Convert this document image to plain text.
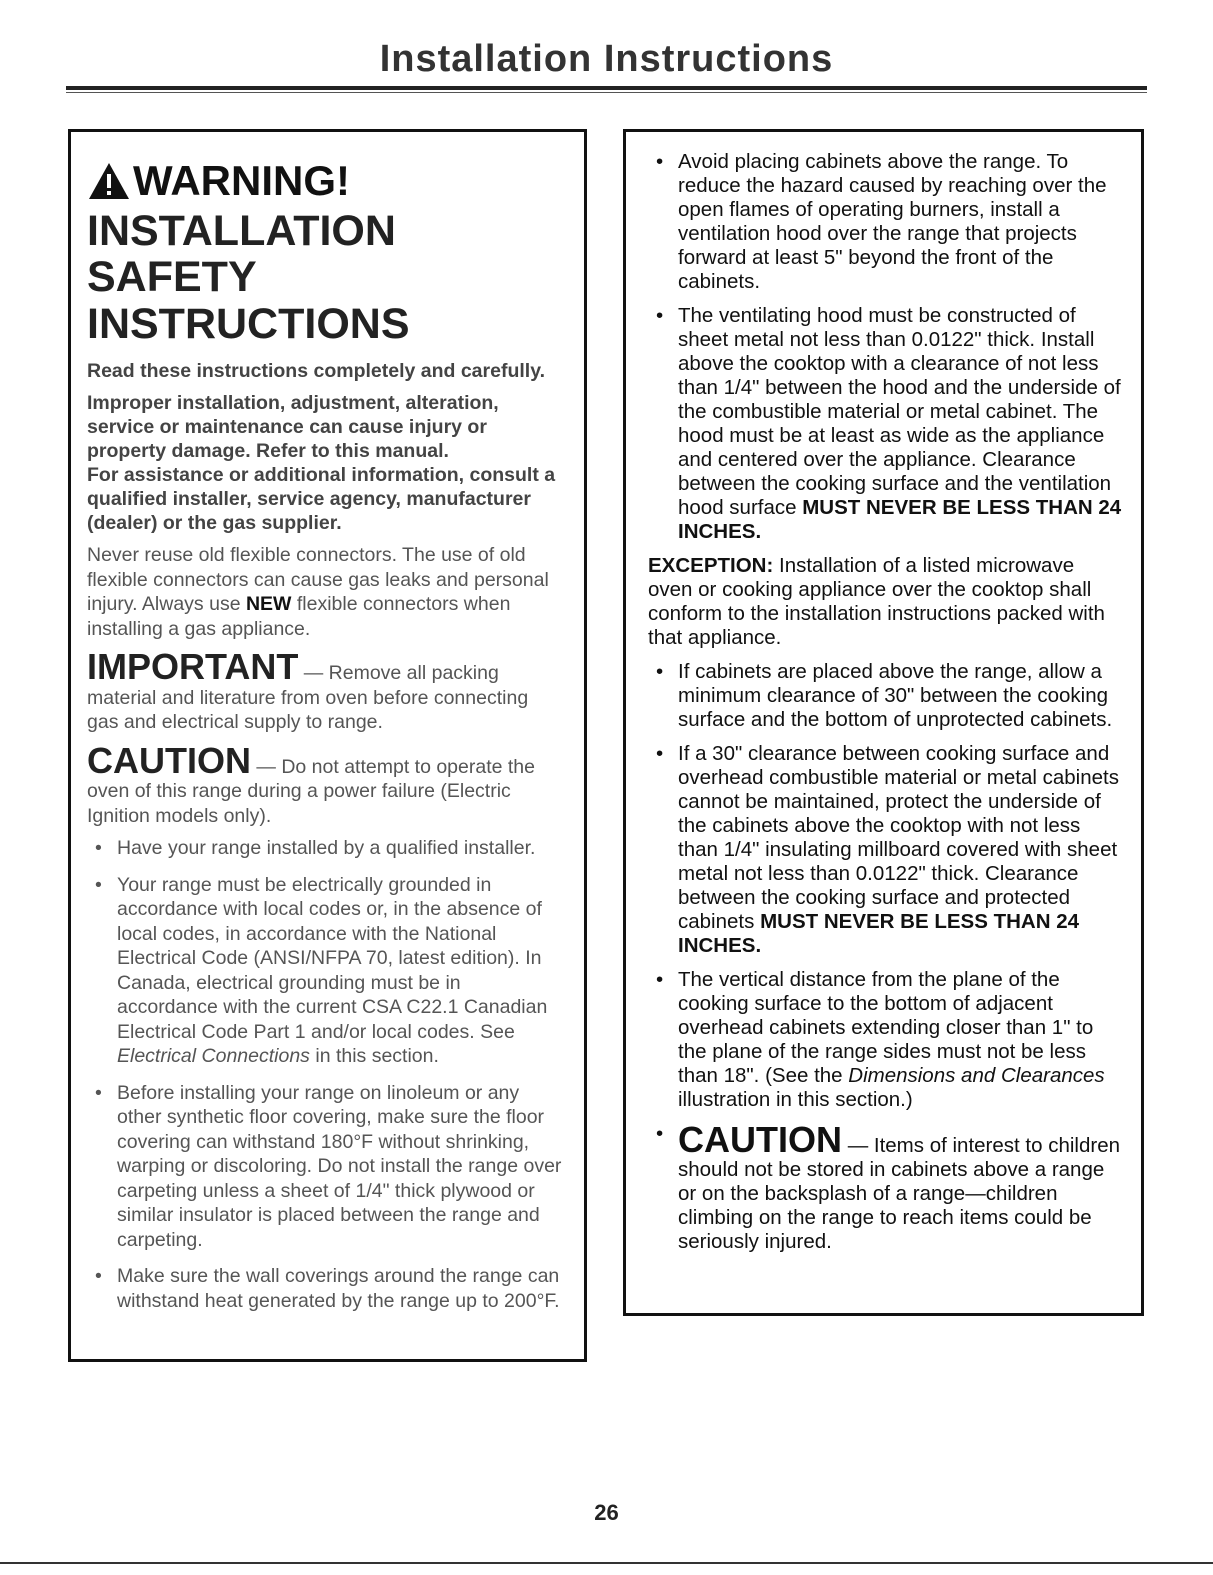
Installation Instructions
WARNING!
INSTALLATION SAFETY
INSTRUCTIONS

Read these instructions completely and carefully.

Improper installation, adjustment, alteration, service or maintenance can cause injury or property damage. Refer to this manual.

For assistance or additional information, consult a qualified installer, service agency, manufacturer (dealer) or the gas supplier.

Never reuse old flexible connectors. The use of old flexible connectors can cause gas leaks and personal injury. Always use NEW flexible connectors when installing a gas appliance.

IMPORTANT — Remove all packing material and literature from oven before connecting gas and electrical supply to range.

CAUTION — Do not attempt to operate the oven of this range during a power failure (Electric Ignition models only).

• Have your range installed by a qualified installer.
• Your range must be electrically grounded in accordance with local codes or, in the absence of local codes, in accordance with the National Electrical Code (ANSI/NFPA 70, latest edition). In Canada, electrical grounding must be in accordance with the current CSA C22.1 Canadian Electrical Code Part 1 and/or local codes. See Electrical Connections in this section.
• Before installing your range on linoleum or any other synthetic floor covering, make sure the floor covering can withstand 180°F without shrinking, warping or discoloring. Do not install the range over carpeting unless a sheet of 1/4" thick plywood or similar insulator is placed between the range and carpeting.
• Make sure the wall coverings around the range can withstand heat generated by the range up to 200°F.
• Avoid placing cabinets above the range. To reduce the hazard caused by reaching over the open flames of operating burners, install a ventilation hood over the range that projects forward at least 5" beyond the front of the cabinets.
• The ventilating hood must be constructed of sheet metal not less than 0.0122" thick. Install above the cooktop with a clearance of not less than 1/4" between the hood and the underside of the combustible material or metal cabinet. The hood must be at least as wide as the appliance and centered over the appliance. Clearance between the cooking surface and the ventilation hood surface MUST NEVER BE LESS THAN 24 INCHES.

EXCEPTION: Installation of a listed microwave oven or cooking appliance over the cooktop shall conform to the installation instructions packed with that appliance.

• If cabinets are placed above the range, allow a minimum clearance of 30" between the cooking surface and the bottom of unprotected cabinets.
• If a 30" clearance between cooking surface and overhead combustible material or metal cabinets cannot be maintained, protect the underside of the cabinets above the cooktop with not less than 1/4" insulating millboard covered with sheet metal not less than 0.0122" thick. Clearance between the cooking surface and protected cabinets MUST NEVER BE LESS THAN 24 INCHES.
• The vertical distance from the plane of the cooking surface to the bottom of adjacent overhead cabinets extending closer than 1" to the plane of the range sides must not be less than 18". (See the Dimensions and Clearances illustration in this section.)
• CAUTION — Items of interest to children should not be stored in cabinets above a range or on the backsplash of a range—children climbing on the range to reach items could be seriously injured.
26
